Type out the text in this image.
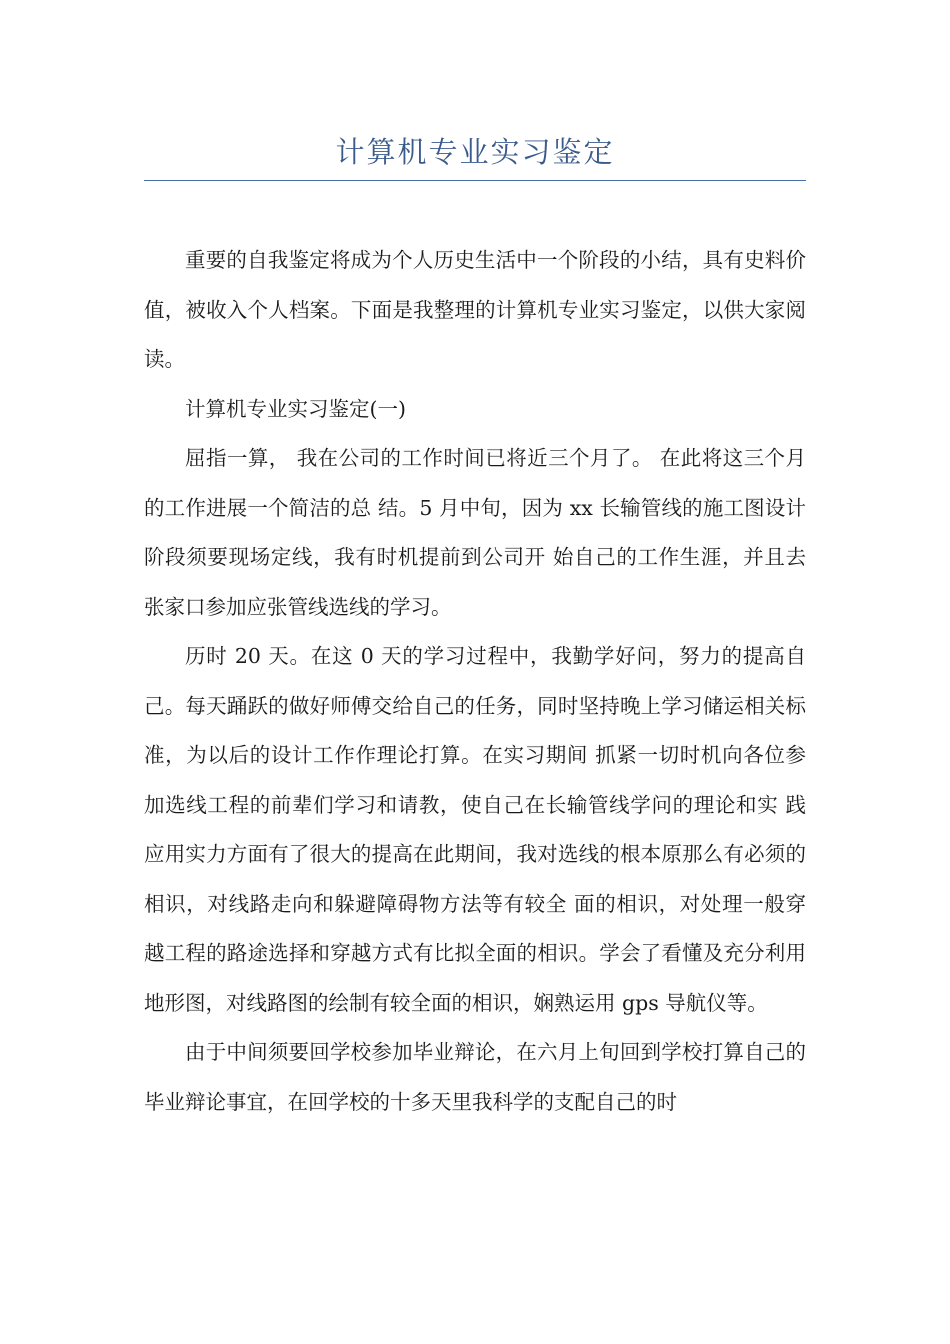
计算机专业实习鉴定

重要的自我鉴定将成为个人历史生活中一个阶段的小结，具有史料价值，被收入个人档案。下面是我整理的计算机专业实习鉴定，以供大家阅读。

计算机专业实习鉴定(一)

屈指一算， 我在公司的工作时间已将近三个月了。 在此将这三个月的工作进展一个简洁的总 结。5 月中旬，因为 xx 长输管线的施工图设计阶段须要现场定线，我有时机提前到公司开 始自己的工作生涯，并且去张家口参加应张管线选线的学习。

历时 20 天。在这 0 天的学习过程中，我勤学好问，努力的提高自己。每天踊跃的做好师傅交给自己的任务，同时坚持晚上学习储运相关标准，为以后的设计工作作理论打算。在实习期间 抓紧一切时机向各位参加选线工程的前辈们学习和请教，使自己在长输管线学问的理论和实 践应用实力方面有了很大的提高在此期间，我对选线的根本原那么有必须的相识，对线路走向和躲避障碍物方法等有较全 面的相识，对处理一般穿越工程的路途选择和穿越方式有比拟全面的相识。学会了看懂及充分利用地形图，对线路图的绘制有较全面的相识，娴熟运用 gps 导航仪等。

由于中间须要回学校参加毕业辩论，在六月上旬回到学校打算自己的毕业辩论事宜，在回学校的十多天里我科学的支配自己的时
